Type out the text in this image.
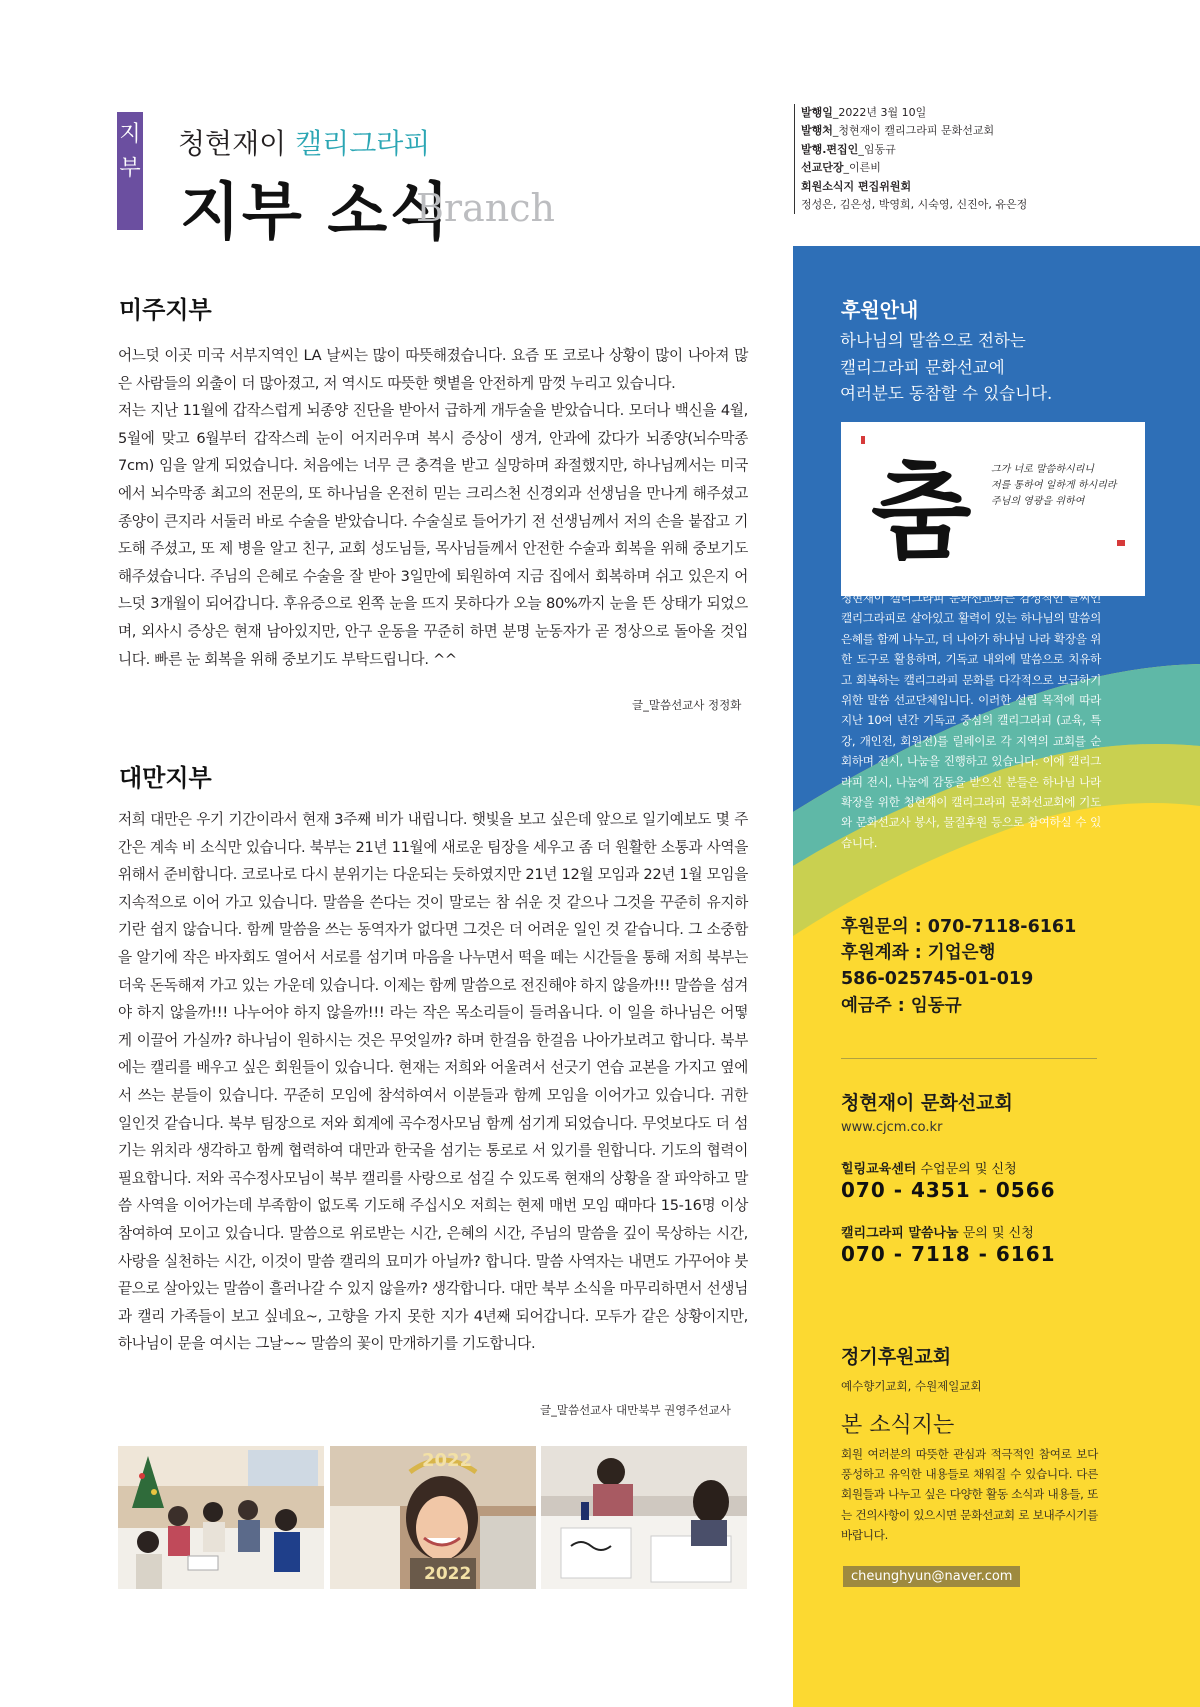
지
부
청현재이 캘리그라피
지부 소식
Branch
발행일_2022년 3월 10일
발행처_청현재이 캘리그라피 문화선교회
발행.편집인_임동규
선교단장_이른비
회원소식지 편집위원회
정성은, 김은성, 박영희, 시숙영, 신진아, 유은정
미주지부

어느덧 이곳 미국 서부지역인 LA 날씨는 많이 따뜻해졌습니다. 요즘 또 코로나 상황이 많이 나아져 많은 사람들의 외출이 더 많아졌고, 저 역시도 따뜻한 햇볕을 안전하게 맘껏 누리고 있습니다.

저는 지난 11월에 갑작스럽게 뇌종양 진단을 받아서 급하게 개두술을 받았습니다. 모더나 백신을 4월, 5월에 맞고 6월부터 갑작스레 눈이 어지러우며 복시 증상이 생겨, 안과에 갔다가 뇌종양(뇌수막종 7cm) 임을 알게 되었습니다. 처음에는 너무 큰 충격을 받고 실망하며 좌절했지만, 하나님께서는 미국에서 뇌수막종 최고의 전문의, 또 하나님을 온전히 믿는 크리스천 신경외과 선생님을 만나게 해주셨고 종양이 큰지라 서둘러 바로 수술을 받았습니다. 수술실로 들어가기 전 선생님께서 저의 손을 붙잡고 기도해 주셨고, 또 제 병을 알고 친구, 교회 성도님들, 목사님들께서 안전한 수술과 회복을 위해 중보기도 해주셨습니다. 주님의 은혜로 수술을 잘 받아 3일만에 퇴원하여 지금 집에서 회복하며 쉬고 있은지 어느덧 3개월이 되어갑니다. 후유증으로 왼쪽 눈을 뜨지 못하다가 오늘 80%까지 눈을 뜬 상태가 되었으며, 외사시 증상은 현재 남아있지만, 안구 운동을 꾸준히 하면 분명 눈동자가 곧 정상으로 돌아올 것입니다. 빠른 눈 회복을 위해 중보기도 부탁드립니다. ^^

글_말씀선교사 정정화
대만지부

저희 대만은 우기 기간이라서 현재 3주째 비가 내립니다. 햇빛을 보고 싶은데 앞으로 일기예보도 몇 주간은 계속 비 소식만 있습니다. 북부는 21년 11월에 새로운 팀장을 세우고 좀 더 원활한 소통과 사역을 위해서 준비합니다. 코로나로 다시 분위기는 다운되는 듯하였지만 21년 12월 모임과 22년 1월 모임을 지속적으로 이어 가고 있습니다. 말씀을 쓴다는 것이 말로는 참 쉬운 것 같으나 그것을 꾸준히 유지하기란 쉽지 않습니다. 함께 말씀을 쓰는 동역자가 없다면 그것은 더 어려운 일인 것 같습니다. 그 소중함을 알기에 작은 바자회도 열어서 서로를 섬기며 마음을 나누면서 떡을 떼는 시간들을 통해 저희 북부는 더욱 돈독해져 가고 있는 가운데 있습니다. 이제는 함께 말씀으로 전진해야 하지 않을까!!! 말씀을 섬겨야 하지 않을까!!! 나누어야 하지 않을까!!! 라는 작은 목소리들이 들려옵니다. 이 일을 하나님은 어떻게 이끌어 가실까? 하나님이 원하시는 것은 무엇일까? 하며 한걸음 한걸음 나아가보려고 합니다. 북부에는 캘리를 배우고 싶은 회원들이 있습니다. 현재는 저희와 어울려서 선긋기 연습 교본을 가지고 옆에서 쓰는 분들이 있습니다. 꾸준히 모임에 참석하여서 이분들과 함께 모임을 이어가고 있습니다. 귀한 일인것 같습니다. 북부 팀장으로 저와 회계에 곡수정사모님 함께 섬기게 되었습니다. 무엇보다도 더 섬기는 위치라 생각하고 함께 협력하여 대만과 한국을 섬기는 통로로 서 있기를 원합니다. 기도의 협력이 필요합니다. 저와 곡수정사모님이 북부 캘리를 사랑으로 섬길 수 있도록 현재의 상황을 잘 파악하고 말씀 사역을 이어가는데 부족함이 없도록 기도해 주십시오 저희는 현제 매번 모임 때마다 15-16명 이상 참여하여 모이고 있습니다. 말씀으로 위로받는 시간, 은혜의 시간, 주님의 말씀을 깊이 묵상하는 시간, 사랑을 실천하는 시간, 이것이 말씀 캘리의 묘미가 아닐까? 합니다. 말씀 사역자는 내면도 가꾸어야 붓끝으로 살아있는 말씀이 흘러나갈 수 있지 않을까? 생각합니다. 대만 북부 소식을 마무리하면서 선생님과 캘리 가족들이 보고 싶네요~, 고향을 가지 못한 지가 4년째 되어갑니다. 모두가 같은 상황이지만, 하나님이 문을 여시는 그날~~ 말씀의 꽃이 만개하기를 기도합니다.

글_말씀선교사 대만북부 권영주선교사
2022
2022
후원안내
하나님의 말씀으로 전하는
캘리그라피 문화선교에
여러분도 동참할 수 있습니다.
춤 그가 너로 말씀하시리니
저를 통하여 일하게 하시리라
주님의 영광을 위하여
청현재이 캘리그라피 문화선교회는 감성적인 글씨인 캘리그라피로 살아있고 활력이 있는 하나님의 말씀의 은혜를 함께 나누고, 더 나아가 하나님 나라 확장을 위한 도구로 활용하며, 기독교 내외에 말씀으로 치유하고 회복하는 캘리그라피 문화를 다각적으로 보급하기 위한 말씀 선교단체입니다. 이러한 설립 목적에 따라 지난 10여 년간 기독교 중심의 캘리그라피 (교육, 특강, 개인전, 회원전)를 릴레이로 각 지역의 교회를 순회하며 전시, 나눔을 진행하고 있습니다. 이에 캘리그라피 전시, 나눔에 감동을 받으신 분들은 하나님 나라 확장을 위한 청현재이 캘리그라피 문화선교회에 기도와 문화선교사 봉사, 물질후원 등으로 참여하실 수 있습니다.
후원문의 : 070-7118-6161
후원계좌 : 기업은행
586-025745-01-019
예금주 : 임동규
청현재이 문화선교회
www.cjcm.co.kr
힐링교육센터 수업문의 및 신청
070 - 4351 - 0566
캘리그라피 말씀나눔 문의 및 신청
070 - 7118 - 6161
정기후원교회
예수향기교회, 수원제일교회
본 소식지는
회원 여러분의 따뜻한 관심과 적극적인 참여로 보다 풍성하고 유익한 내용들로 채워질 수 있습니다. 다른회원들과 나누고 싶은 다양한 활동 소식과 내용들, 또는 건의사항이 있으시면 문화선교회 로 보내주시기를 바랍니다.
cheunghyun@naver.com
